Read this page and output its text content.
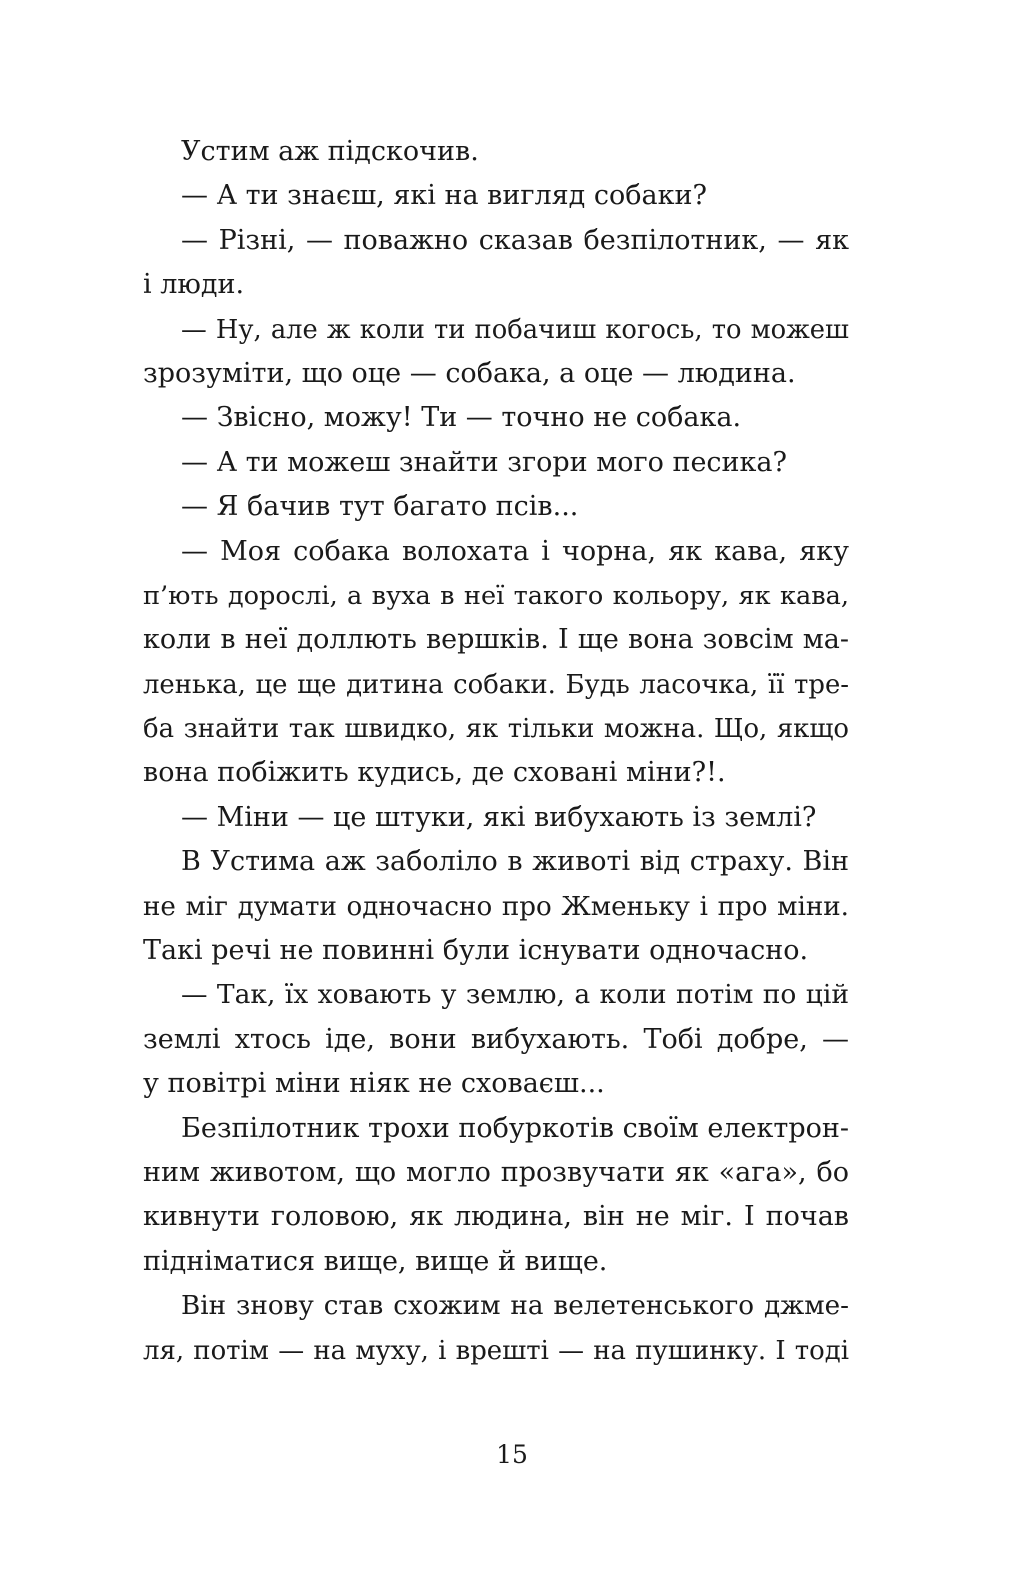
Устим аж підскочив.
— А ти знаєш, які на вигляд собаки?
— Різні, — поважно сказав безпілотник, — як
і люди.
— Ну, але ж коли ти побачиш когось, то можеш
зрозуміти, що оце — собака, а оце — людина.
— Звісно, можу! Ти — точно не собака.
— А ти можеш знайти згори мого песика?
— Я бачив тут багато псів...
— Моя собака волохата і чорна, як кава, яку
п’ють дорослі, а вуха в неї такого кольору, як кава,
коли в неї доллють вершків. І ще вона зовсім ма-
ленька, це ще дитина собаки. Будь ласочка, її тре-
ба знайти так швидко, як тільки можна. Що, якщо
вона побіжить кудись, де сховані міни?!.
— Міни — це штуки, які вибухають із землі?
В Устима аж заболіло в животі від страху. Він
не міг думати одночасно про Жменьку і про міни.
Такі речі не повинні були існувати одночасно.
— Так, їх ховають у землю, а коли потім по цій
землі хтось іде, вони вибухають. Тобі добре, —
у повітрі міни ніяк не сховаєш...
Безпілотник трохи побуркотів своїм електрон-
ним животом, що могло прозвучати як «ага», бо
кивнути головою, як людина, він не міг. І почав
підніматися вище, вище й вище.
Він знову став схожим на велетенського джме-
ля, потім — на муху, і врешті — на пушинку. І тоді
15
